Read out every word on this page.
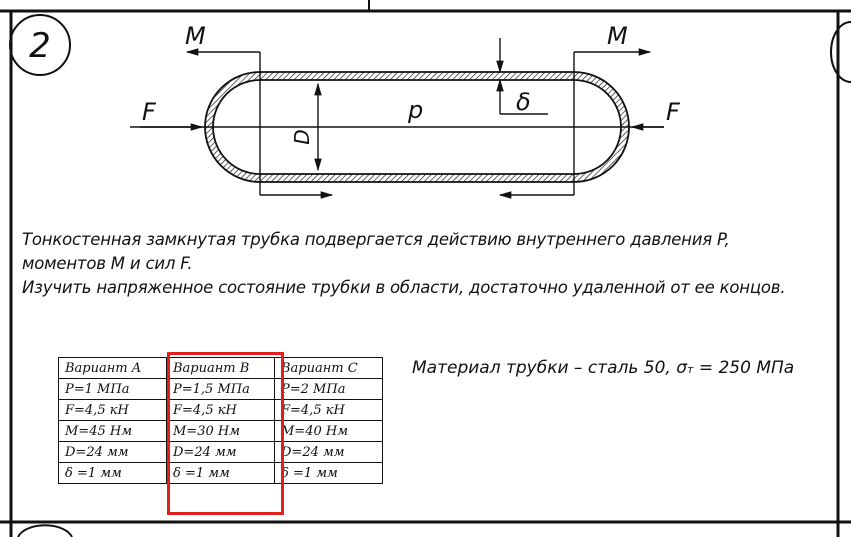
2	M	M
F	F
p
D
δ
Тонкостенная замкнутая трубка подвергается действию внутреннего давления P,
моментов M и сил F.
Изучить напряженное состояние трубки в области, достаточно удаленной от ее концов.
Вариант A	Вариант B	Вариант C
P=1 МПа	P=1,5 МПа	P=2 МПа
F=4,5 кН	F=4,5 кН	F=4,5 кН
M=45 Нм	M=30 Нм	M=40 Нм
D=24 мм	D=24 мм	D=24 мм
δ =1 мм	δ =1 мм	δ =1 мм
Материал трубки – сталь 50, σт = 250 МПа
